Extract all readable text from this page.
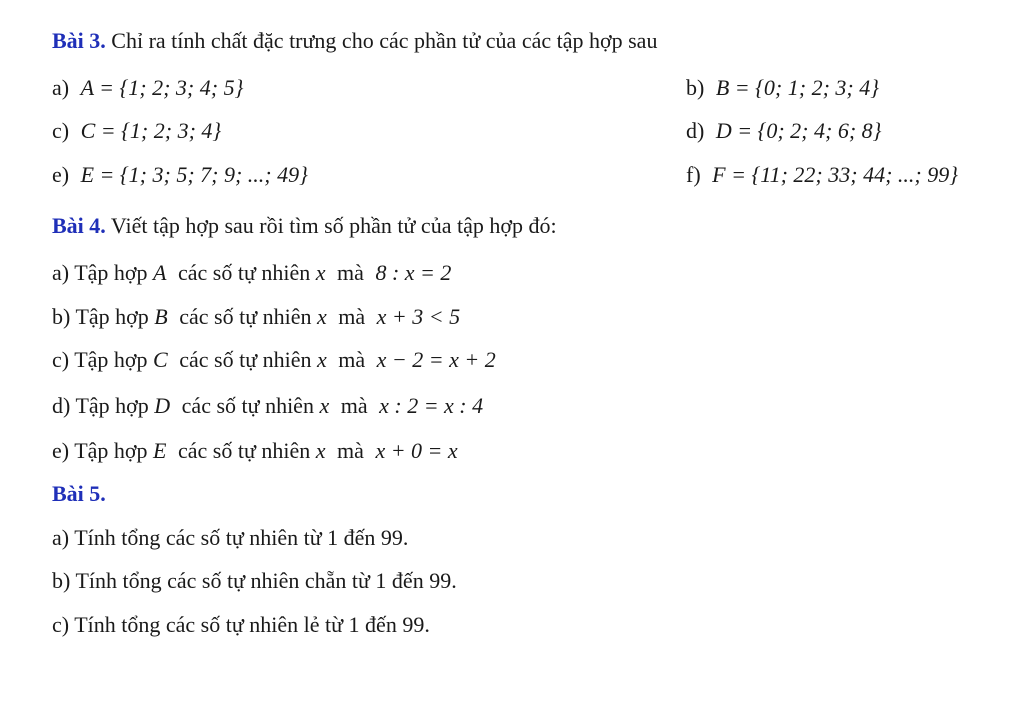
Bài 3. Chỉ ra tính chất đặc trưng cho các phần tử của các tập hợp sau
a) A = {1; 2; 3; 4; 5}	b) B = {0; 1; 2; 3; 4}
c) C = {1; 2; 3; 4}	d) D = {0; 2; 4; 6; 8}
e) E = {1; 3; 5; 7; 9; ...; 49}	f) F = {11; 22; 33; 44; ...; 99}
Bài 4. Viết tập hợp sau rồi tìm số phần tử của tập hợp đó:
a) Tập hợp A các số tự nhiên x mà 8 : x = 2
b) Tập hợp B các số tự nhiên x mà x + 3 < 5
c) Tập hợp C các số tự nhiên x mà x − 2 = x + 2
d) Tập hợp D các số tự nhiên x mà x : 2 = x : 4
e) Tập hợp E các số tự nhiên x mà x + 0 = x
Bài 5.
a) Tính tổng các số tự nhiên từ 1 đến 99.
b) Tính tổng các số tự nhiên chẵn từ 1 đến 99.
c) Tính tổng các số tự nhiên lẻ từ 1 đến 99.
